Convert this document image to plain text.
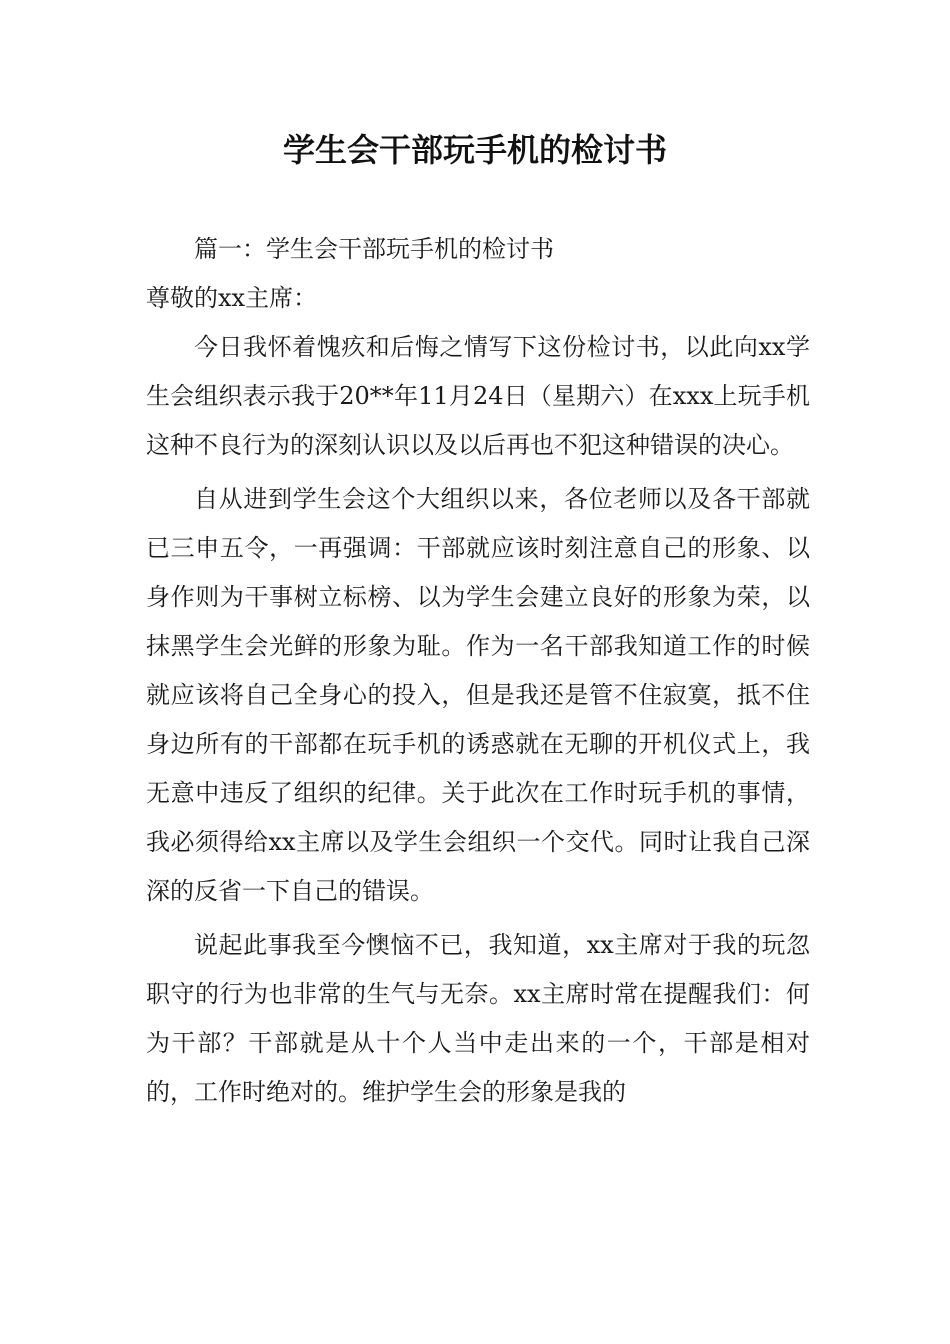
学生会干部玩手机的检讨书

篇一：学生会干部玩手机的检讨书

尊敬的xx主席：

今日我怀着愧疚和后悔之情写下这份检讨书，以此向xx学生会组织表示我于20**年11月24日（星期六）在xxx上玩手机这种不良行为的深刻认识以及以后再也不犯这种错误的决心。

自从进到学生会这个大组织以来，各位老师以及各干部就已三申五令，一再强调：干部就应该时刻注意自己的形象、以身作则为干事树立标榜、以为学生会建立良好的形象为荣，以抹黑学生会光鲜的形象为耻。作为一名干部我知道工作的时候就应该将自己全身心的投入，但是我还是管不住寂寞，抵不住身边所有的干部都在玩手机的诱惑就在无聊的开机仪式上，我无意中违反了组织的纪律。关于此次在工作时玩手机的事情，我必须得给xx主席以及学生会组织一个交代。同时让我自己深深的反省一下自己的错误。

说起此事我至今懊恼不已，我知道，xx主席对于我的玩忽职守的行为也非常的生气与无奈。xx主席时常在提醒我们：何为干部？干部就是从十个人当中走出来的一个，干部是相对的，工作时绝对的。维护学生会的形象是我的
